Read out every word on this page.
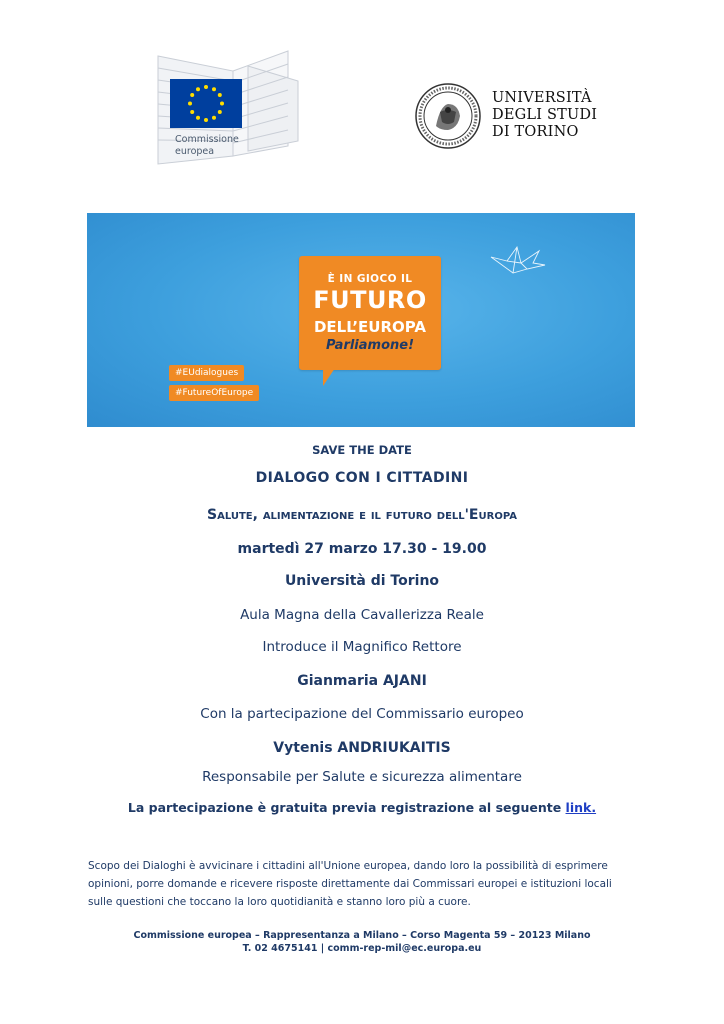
Commissione
europea
UNIVERSITÀ
DEGLI STUDI
DI TORINO
È IN GIOCO IL
FUTURO
DELL’EUROPA
Parliamone!
#EUdialogues
#FutureOfEurope
SAVE THE DATE
DIALOGO CON I CITTADINI
Salute, alimentazione e il futuro dell'Europa
martedì 27 marzo 17.30 - 19.00
Università di Torino
Aula Magna della Cavallerizza Reale
Introduce il Magnifico Rettore
Gianmaria AJANI
Con la partecipazione del Commissario europeo
Vytenis ANDRIUKAITIS
Responsabile per Salute e sicurezza alimentare
La partecipazione è gratuita previa registrazione al seguente link.
Scopo dei Dialoghi è avvicinare i cittadini all'Unione europea, dando loro la possibilità di esprimere
opinioni, porre domande e ricevere risposte direttamente dai Commissari europei e istituzioni locali
sulle questioni che toccano la loro quotidianità e stanno loro più a cuore.
Commissione europea – Rappresentanza a Milano – Corso Magenta 59 – 20123 Milano
T. 02 4675141 | comm-rep-mil@ec.europa.eu
